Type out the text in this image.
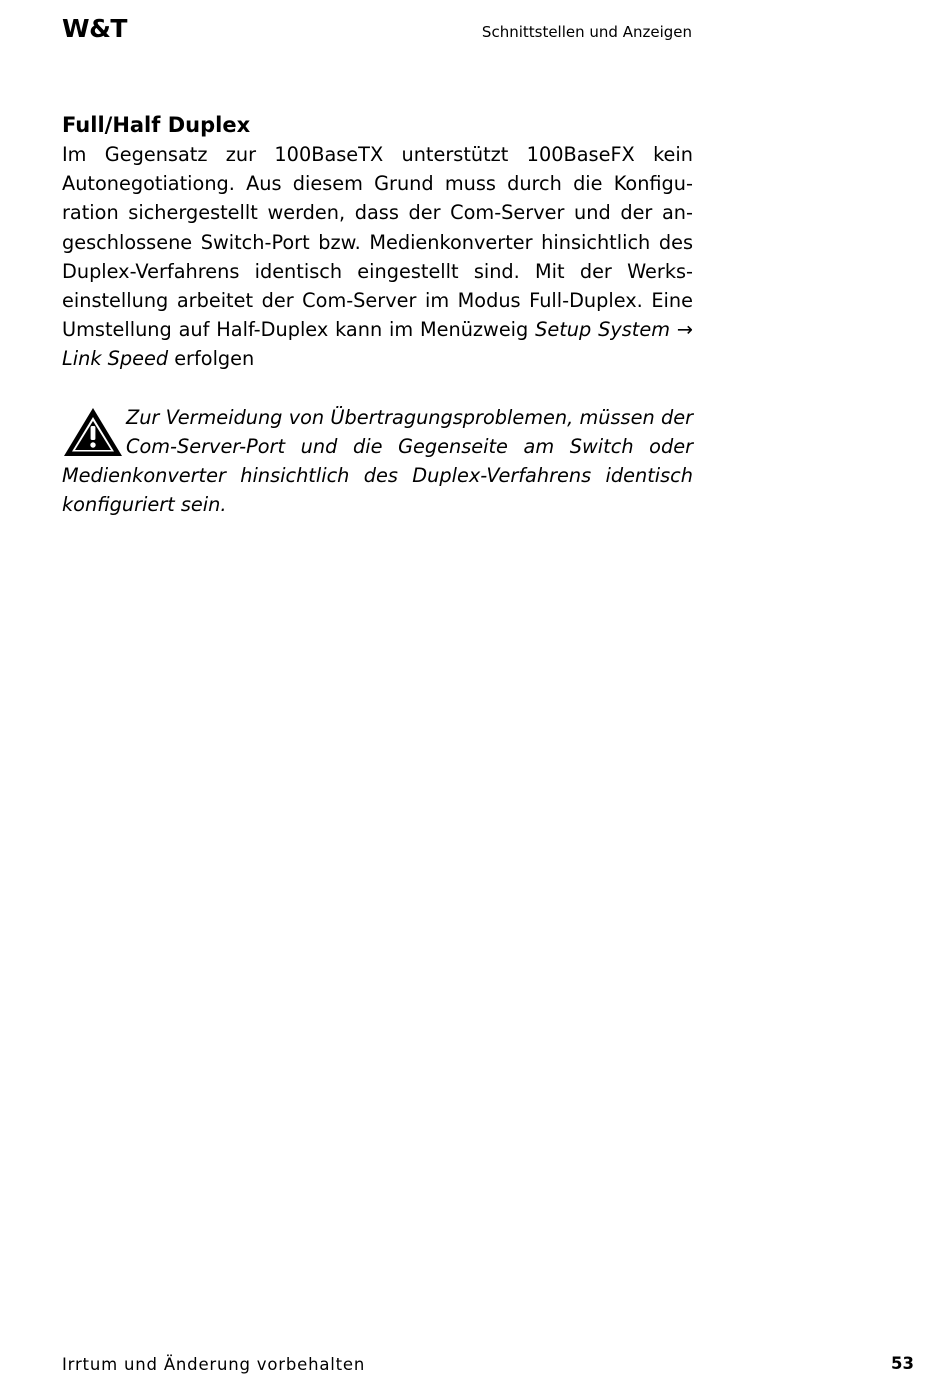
W&T	Schnittstellen und Anzeigen
Full/Half Duplex

Im Gegensatz zur 100BaseTX unterstützt 100BaseFX kein Autonegotiationg. Aus diesem Grund muss durch die Konfiguration sichergestellt werden, dass der Com-Server und der angeschlossene Switch-Port bzw. Medienkonverter hinsichtlich des Duplex-Verfahrens identisch eingestellt sind. Mit der Werkseinstellung arbeitet der Com-Server im Modus Full-Duplex. Eine Umstellung auf Half-Duplex kann im Menüzweig Setup System → Link Speed erfolgen

Zur Vermeidung von Übertragungsproblemen, müssen der Com-Server-Port und die Gegenseite am Switch oder Medienkonverter hinsichtlich des Duplex-Verfahrens identisch konfiguriert sein.
Irrtum und Änderung vorbehalten	53
